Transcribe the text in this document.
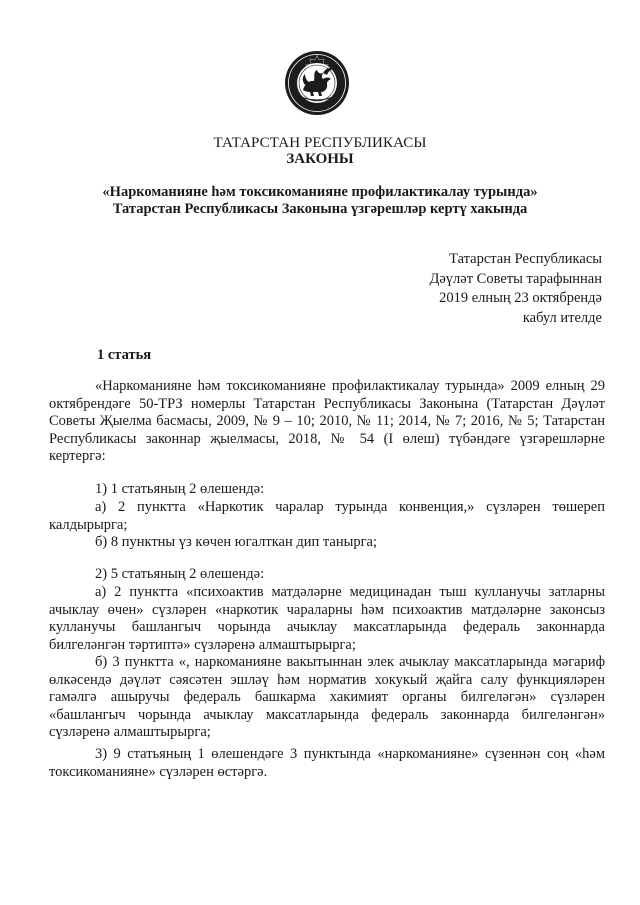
ТАТАРСТАН РЕСПУБЛИКАСЫ
ЗАКОНЫ
«Наркоманияне һәм токсикоманияне профилактикалау турында»
Татарстан Республикасы Законына үзгәрешләр кертү хакында
Татарстан Республикасы
Дәүләт Советы тарафыннан
2019 елның 23 октябрендә
кабул ителде
1 статья
«Наркоманияне һәм токсикоманияне профилактикалау турында» 2009 елның 29 октябрендәге 50-ТРЗ номерлы Татарстан Республикасы Законына (Татарстан Дәүләт Советы Җыелма басмасы, 2009, № 9 – 10; 2010, № 11; 2014, № 7; 2016, № 5; Татарстан Республикасы законнар җыелмасы, 2018, № 54 (I өлеш) түбәндәге үзгәрешләрне кертергә:
1) 1 статьяның 2 өлешендә:
а) 2 пунктта «Наркотик чаралар турында конвенция,» сүзләрен төшереп калдырырга;
б) 8 пунктны үз көчен югалткан дип танырга;
2) 5 статьяның 2 өлешендә:
а) 2 пунктта «психоактив матдәләрне медицинадан тыш кулланучы затларны ачыклау өчен» сүзләрен «наркотик чараларны һәм психоактив матдәләрне законсыз кулланучы башлангыч чорында ачыклау максатларында федераль законнарда билгеләнгән тәртиптә» сүзләренә алмаштырырга;
б) 3 пунктта «, наркоманияне вакытыннан элек ачыклау максатларында мәгариф өлкәсендә дәүләт сәясәтен эшләү һәм норматив хокукый җайга салу функцияләрен гамәлгә ашыручы федераль башкарма хакимият органы билгеләгән» сүзләрен «башлангыч чорында ачыклау максатларында федераль законнарда билгеләнгән» сүзләренә алмаштырырга;
3) 9 статьяның 1 өлешендәге 3 пунктында «наркоманияне» сүзеннән соң «һәм токсикоманияне» сүзләрен өстәргә.
